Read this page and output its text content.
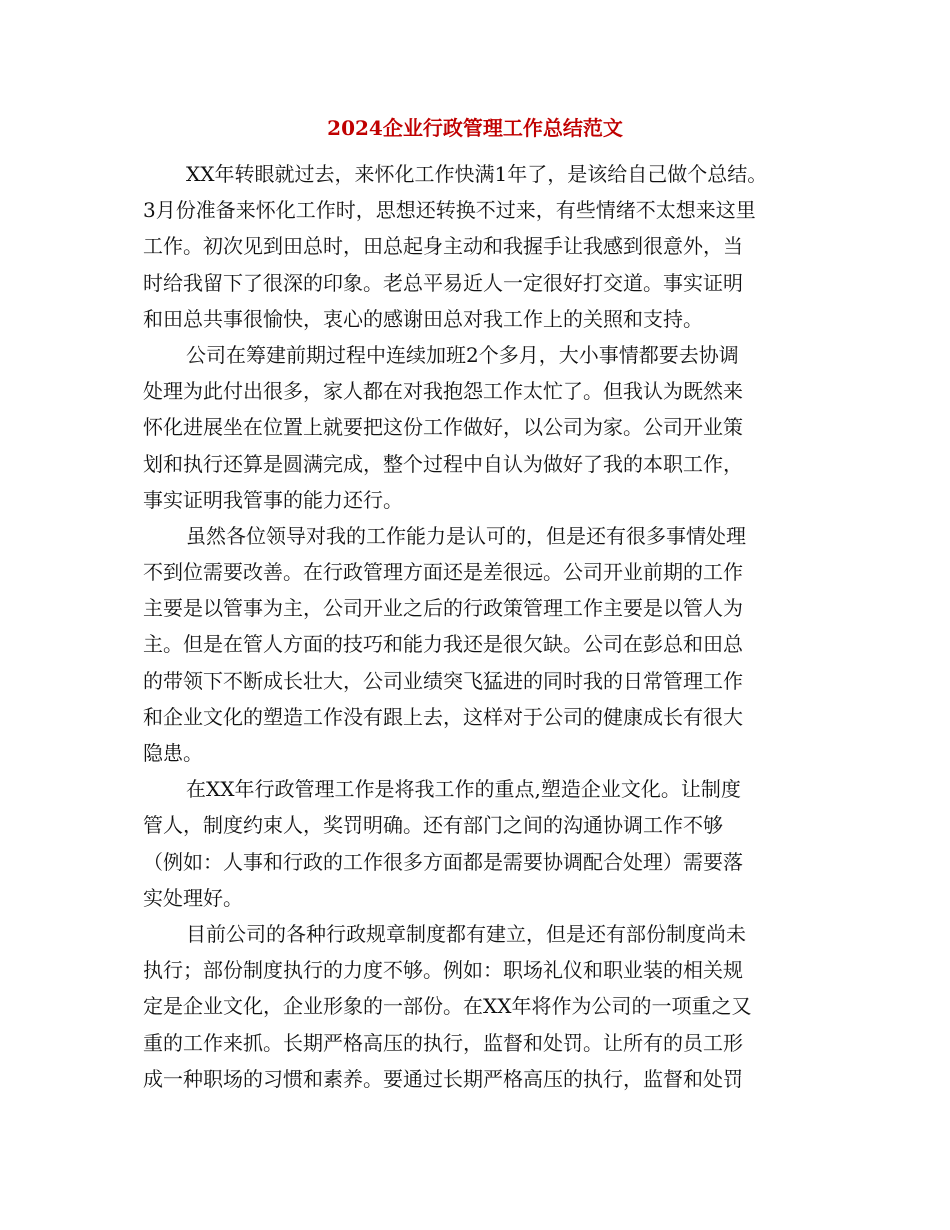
2024企业行政管理工作总结范文
XX年转眼就过去，来怀化工作快满1年了，是该给自己做个总结。
3月份准备来怀化工作时，思想还转换不过来，有些情绪不太想来这里
工作。初次见到田总时，田总起身主动和我握手让我感到很意外，当
时给我留下了很深的印象。老总平易近人一定很好打交道。事实证明
和田总共事很愉快，衷心的感谢田总对我工作上的关照和支持。
公司在筹建前期过程中连续加班2个多月，大小事情都要去协调
处理为此付出很多，家人都在对我抱怨工作太忙了。但我认为既然来
怀化进展坐在位置上就要把这份工作做好，以公司为家。公司开业策
划和执行还算是圆满完成，整个过程中自认为做好了我的本职工作，
事实证明我管事的能力还行。
虽然各位领导对我的工作能力是认可的，但是还有很多事情处理
不到位需要改善。在行政管理方面还是差很远。公司开业前期的工作
主要是以管事为主，公司开业之后的行政策管理工作主要是以管人为
主。但是在管人方面的技巧和能力我还是很欠缺。公司在彭总和田总
的带领下不断成长壮大，公司业绩突飞猛进的同时我的日常管理工作
和企业文化的塑造工作没有跟上去，这样对于公司的健康成长有很大
隐患。
在XX年行政管理工作是将我工作的重点,塑造企业文化。让制度
管人，制度约束人，奖罚明确。还有部门之间的沟通协调工作不够
（例如：人事和行政的工作很多方面都是需要协调配合处理）需要落
实处理好。
目前公司的各种行政规章制度都有建立，但是还有部份制度尚未
执行；部份制度执行的力度不够。例如：职场礼仪和职业装的相关规
定是企业文化，企业形象的一部份。在XX年将作为公司的一项重之又
重的工作来抓。长期严格高压的执行，监督和处罚。让所有的员工形
成一种职场的习惯和素养。要通过长期严格高压的执行，监督和处罚
